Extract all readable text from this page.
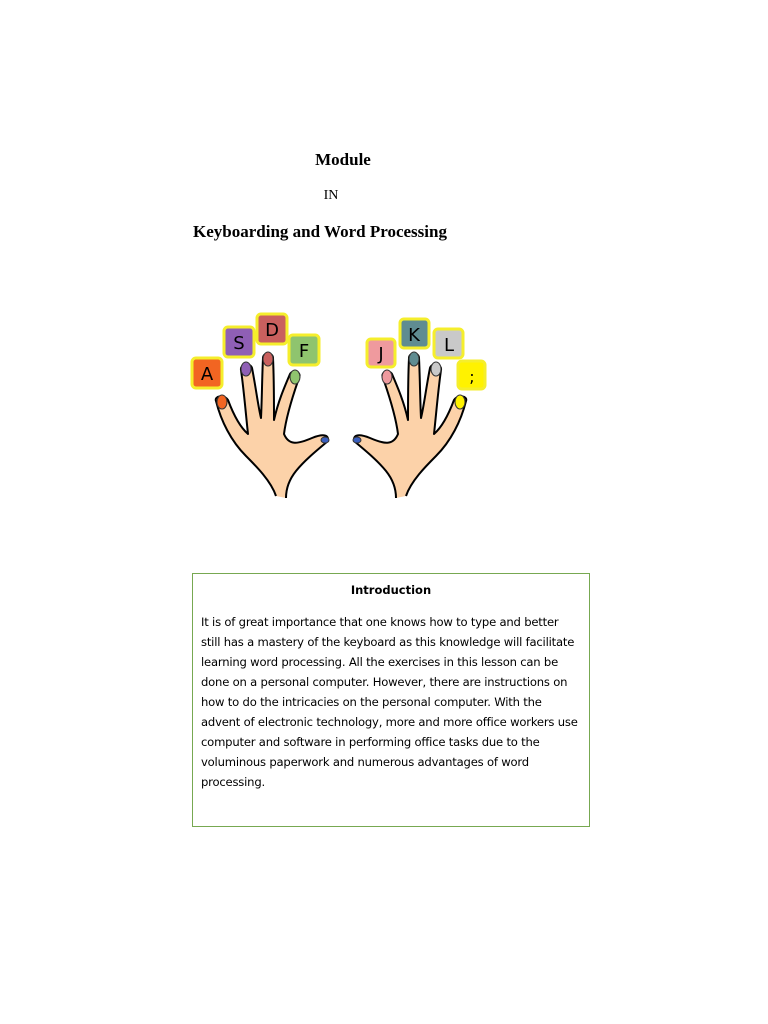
Module
IN
Keyboarding and Word Processing
A
S
D
F	J
K L
;
Introduction
It is of great importance that one knows how to type and better still has a mastery of the keyboard as this knowledge will facilitate learning word processing. All the exercises in this lesson can be done on a personal computer. However, there are instructions on how to do the intricacies on the personal computer. With the advent of electronic technology, more and more office workers use computer and software in performing office tasks due to the voluminous paperwork and numerous advantages of word processing.
